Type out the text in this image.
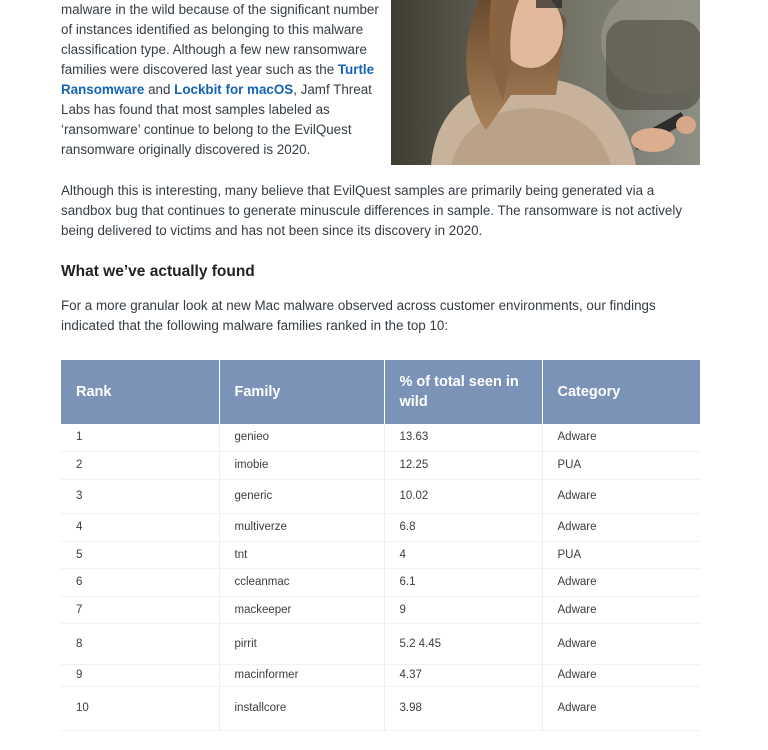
malware in the wild because of the significant number of instances identified as belonging to this malware classification type. Although a few new ransomware families were discovered last year such as the Turtle Ransomware and Lockbit for macOS, Jamf Threat Labs has found that most samples labeled as ‘ransomware’ continue to belong to the EvilQuest ransomware originally discovered is 2020.

Although this is interesting, many believe that EvilQuest samples are primarily being generated via a sandbox bug that continues to generate minuscule differences in sample. The ransomware is not actively being delivered to victims and has not been since its discovery in 2020.

What we’ve actually found

For a more granular look at new Mac malware observed across customer environments, our findings indicated that the following malware families ranked in the top 10:

Rank	Family	% of total seen in wild	Category
1	genieo	13.63	Adware
2	imobie	12.25	PUA
3	generic	10.02	Adware
4	multiverze	6.8	Adware
5	tnt	4	PUA
6	ccleanmac	6.1	Adware
7	mackeeper	9	Adware
8	pirrit	5.2 4.45	Adware
9	macinformer	4.37	Adware
10	installcore	3.98	Adware
